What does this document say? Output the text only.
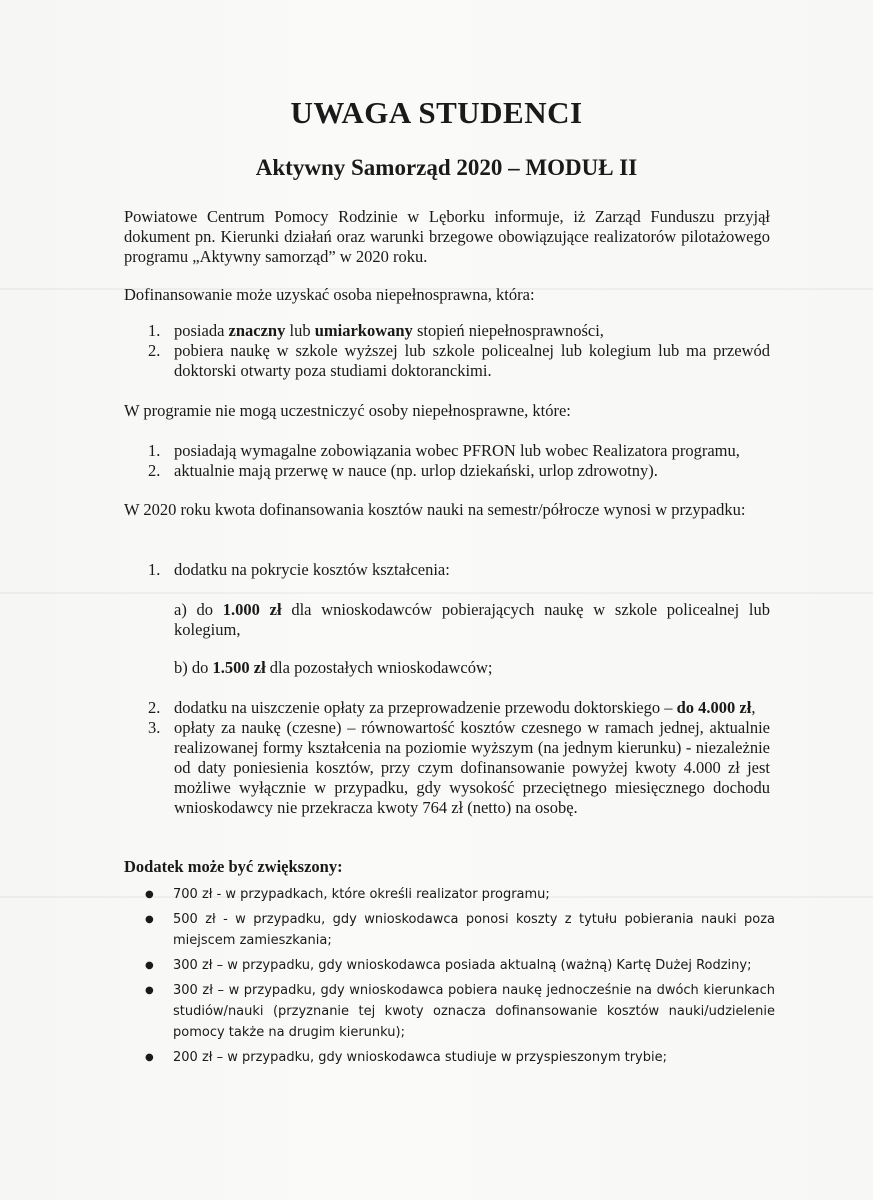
UWAGA STUDENCI
Aktywny Samorząd 2020 – MODUŁ II
Powiatowe Centrum Pomocy Rodzinie w Lęborku informuje, iż Zarząd Funduszu przyjął dokument pn. Kierunki działań oraz warunki brzegowe obowiązujące realizatorów pilotażowego programu „Aktywny samorząd” w 2020 roku.
Dofinansowanie może uzyskać osoba niepełnosprawna, która:
1. posiada znaczny lub umiarkowany stopień niepełnosprawności,
2. pobiera naukę w szkole wyższej lub szkole policealnej lub kolegium lub ma przewód doktorski otwarty poza studiami doktoranckimi.
W programie nie mogą uczestniczyć osoby niepełnosprawne, które:
1. posiadają wymagalne zobowiązania wobec PFRON lub wobec Realizatora programu,
2. aktualnie mają przerwę w nauce (np. urlop dziekański, urlop zdrowotny).
W 2020 roku kwota dofinansowania kosztów nauki na semestr/półrocze wynosi w przypadku:
1. dodatku na pokrycie kosztów kształcenia:
a) do 1.000 zł dla wnioskodawców pobierających naukę w szkole policealnej lub kolegium,
b) do 1.500 zł dla pozostałych wnioskodawców;
2. dodatku na uiszczenie opłaty za przeprowadzenie przewodu doktorskiego – do 4.000 zł,
3. opłaty za naukę (czesne) – równowartość kosztów czesnego w ramach jednej, aktualnie realizowanej formy kształcenia na poziomie wyższym (na jednym kierunku) - niezależnie od daty poniesienia kosztów, przy czym dofinansowanie powyżej kwoty 4.000 zł jest możliwe wyłącznie w przypadku, gdy wysokość przeciętnego miesięcznego dochodu wnioskodawcy nie przekracza kwoty 764 zł (netto) na osobę.
Dodatek może być zwiększony:
●	700 zł - w przypadkach, które określi realizator programu;
●	500 zł - w przypadku, gdy wnioskodawca ponosi koszty z tytułu pobierania nauki poza miejscem zamieszkania;
●	300 zł – w przypadku, gdy wnioskodawca posiada aktualną (ważną) Kartę Dużej Rodziny;
●	300 zł – w przypadku, gdy wnioskodawca pobiera naukę jednocześnie na dwóch kierunkach studiów/nauki (przyznanie tej kwoty oznacza dofinansowanie kosztów nauki/udzielenie pomocy także na drugim kierunku);
●	200 zł – w przypadku, gdy wnioskodawca studiuje w przyspieszonym trybie;
